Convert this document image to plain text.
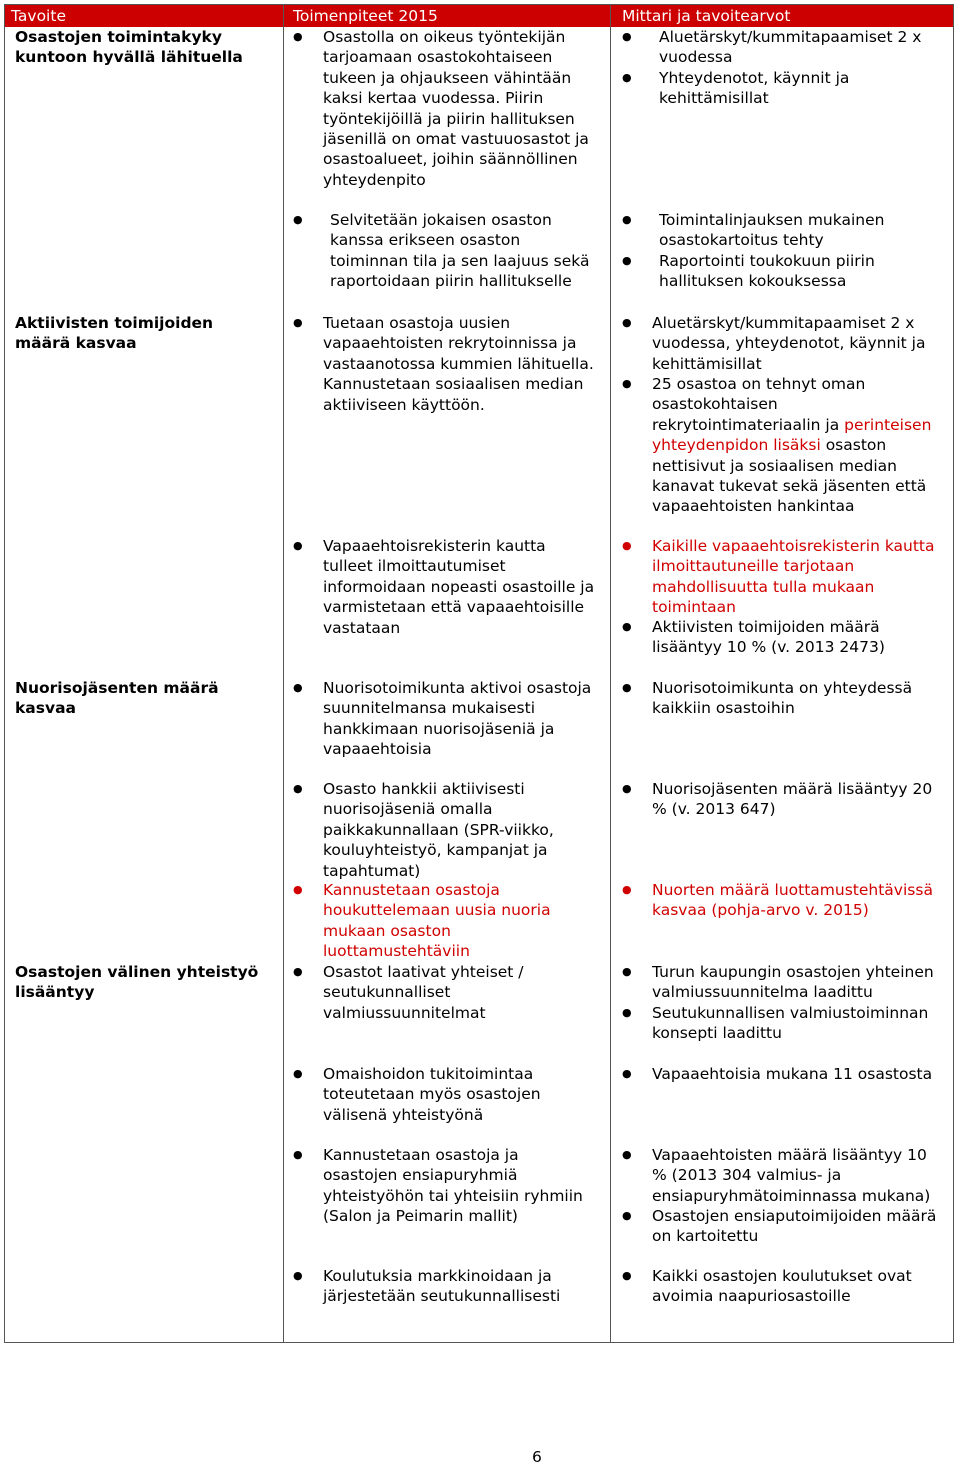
Tavoite	Toimenpiteet 2015	Mittari ja tavoitearvot
Osastojen toimintakyky kuntoon hyvällä lähituella
Aktiivisten toimijoiden määrä kasvaa
Nuorisojäsenten määrä kasvaa
Osastojen välinen yhteistyö lisääntyy
● Osastolla on oikeus työntekijän tarjoamaan osastokohtaiseen tukeen ja ohjaukseen vähintään kaksi kertaa vuodessa. Piirin työntekijöillä ja piirin hallituksen jäsenillä on omat vastuuosastot ja osastoalueet, joihin säännöllinen yhteydenpito
● Selvitetään jokaisen osaston kanssa erikseen osaston toiminnan tila ja sen laajuus sekä raportoidaan piirin hallitukselle
● Tuetaan osastoja uusien vapaaehtoisten rekrytoinnissa ja vastaanotossa kummien lähituella. Kannustetaan sosiaalisen median aktiiviseen käyttöön.
● Vapaaehtoisrekisterin kautta tulleet ilmoittautumiset informoidaan nopeasti osastoille ja varmistetaan että vapaaehtoisille vastataan
● Nuorisotoimikunta aktivoi osastoja suunnitelmansa mukaisesti hankkimaan nuorisojäseniä ja vapaaehtoisia
● Osasto hankkii aktiivisesti nuorisojäseniä omalla paikkakunnallaan (SPR-viikko, kouluyhteistyö, kampanjat ja tapahtumat)
● Kannustetaan osastoja houkuttelemaan uusia nuoria mukaan osaston luottamustehtäviin
● Osastot laativat yhteiset / seutukunnalliset valmiussuunnitelmat
● Omaishoidon tukitoimintaa toteutetaan myös osastojen välisenä yhteistyönä
● Kannustetaan osastoja ja osastojen ensiapuryhmiä yhteistyöhön tai yhteisiin ryhmiin (Salon ja Peimarin mallit)
● Koulutuksia markkinoidaan ja järjestetään seutukunnallisesti
● Aluetärskyt/kummitapaamiset 2 x vuodessa
● Yhteydenotot, käynnit ja kehittämisillat
● Toimintalinjauksen mukainen osastokartoitus tehty
● Raportointi toukokuun piirin hallituksen kokouksessa
● Aluetärskyt/kummitapaamiset 2 x vuodessa, yhteydenotot, käynnit ja kehittämisillat
● 25 osastoa on tehnyt oman osastokohtaisen rekrytointimateriaalin ja perinteisen yhteydenpidon lisäksi osaston nettisivut ja sosiaalisen median kanavat tukevat sekä jäsenten että vapaaehtoisten hankintaa
● Kaikille vapaaehtoisrekisterin kautta ilmoittautuneille tarjotaan mahdollisuutta tulla mukaan toimintaan
● Aktiivisten toimijoiden määrä lisääntyy 10 % (v. 2013 2473)
● Nuorisotoimikunta on yhteydessä kaikkiin osastoihin
● Nuorisojäsenten määrä lisääntyy 20 % (v. 2013 647)
● Nuorten määrä luottamustehtävissä kasvaa (pohja-arvo v. 2015)
● Turun kaupungin osastojen yhteinen valmiussuunnitelma laadittu
● Seutukunnallisen valmiustoiminnan konsepti laadittu
● Vapaaehtoisia mukana 11 osastosta
● Vapaaehtoisten määrä lisääntyy 10 % (2013 304 valmius- ja ensiapuryhmätoiminnassa mukana)
● Osastojen ensiaputoimijoiden määrä on kartoitettu
● Kaikki osastojen koulutukset ovat avoimia naapuriosastoille
6
